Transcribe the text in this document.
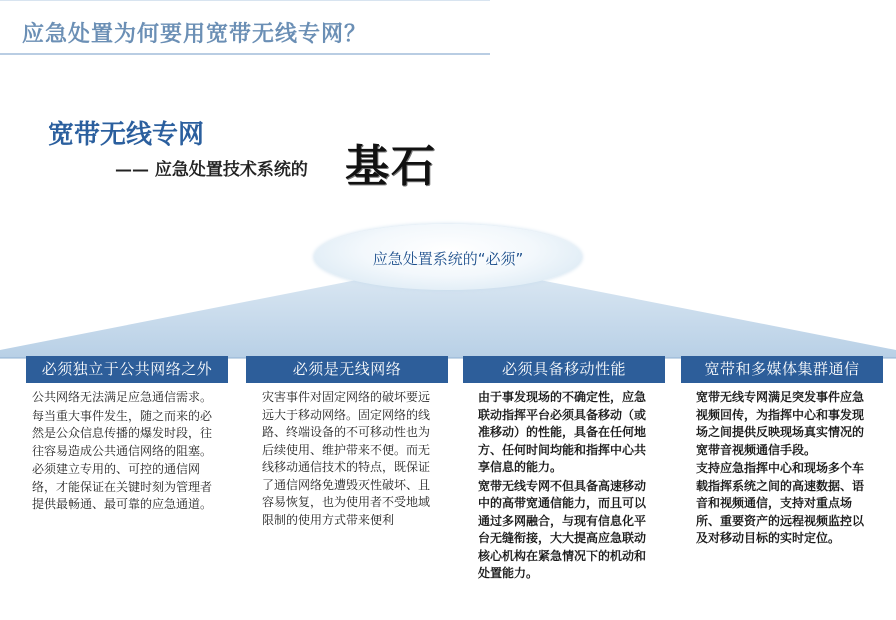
应急处置为何要用宽带无线专网？
宽带无线专网
—— 应急处置技术系统的 基石
应急处置系统的“必须”
必须独立于公共网络之外

公共网络无法满足应急通信需求。

每当重大事件发生，随之而来的必然是公众信息传播的爆发时段，往往容易造成公共通信网络的阻塞。

必须建立专用的、可控的通信网络，才能保证在关键时刻为管理者提供最畅通、最可靠的应急通道。

必须是无线网络

灾害事件对固定网络的破坏要远远大于移动网络。固定网络的线路、终端设备的不可移动性也为后续使用、维护带来不便。而无线移动通信技术的特点，既保证了通信网络免遭毁灭性破坏、且容易恢复，也为使用者不受地域限制的使用方式带来便利

必须具备移动性能

由于事发现场的不确定性，应急联动指挥平台必须具备移动（或准移动）的性能，具备在任何地方、任何时间均能和指挥中心共享信息的能力。

宽带无线专网不但具备高速移动中的高带宽通信能力，而且可以通过多网融合，与现有信息化平台无缝衔接，大大提高应急联动核心机构在紧急情况下的机动和处置能力。

宽带和多媒体集群通信

宽带无线专网满足突发事件应急视频回传，为指挥中心和事发现场之间提供反映现场真实情况的宽带音视频通信手段。

支持应急指挥中心和现场多个车载指挥系统之间的高速数据、语音和视频通信，支持对重点场所、重要资产的远程视频监控以及对移动目标的实时定位。
